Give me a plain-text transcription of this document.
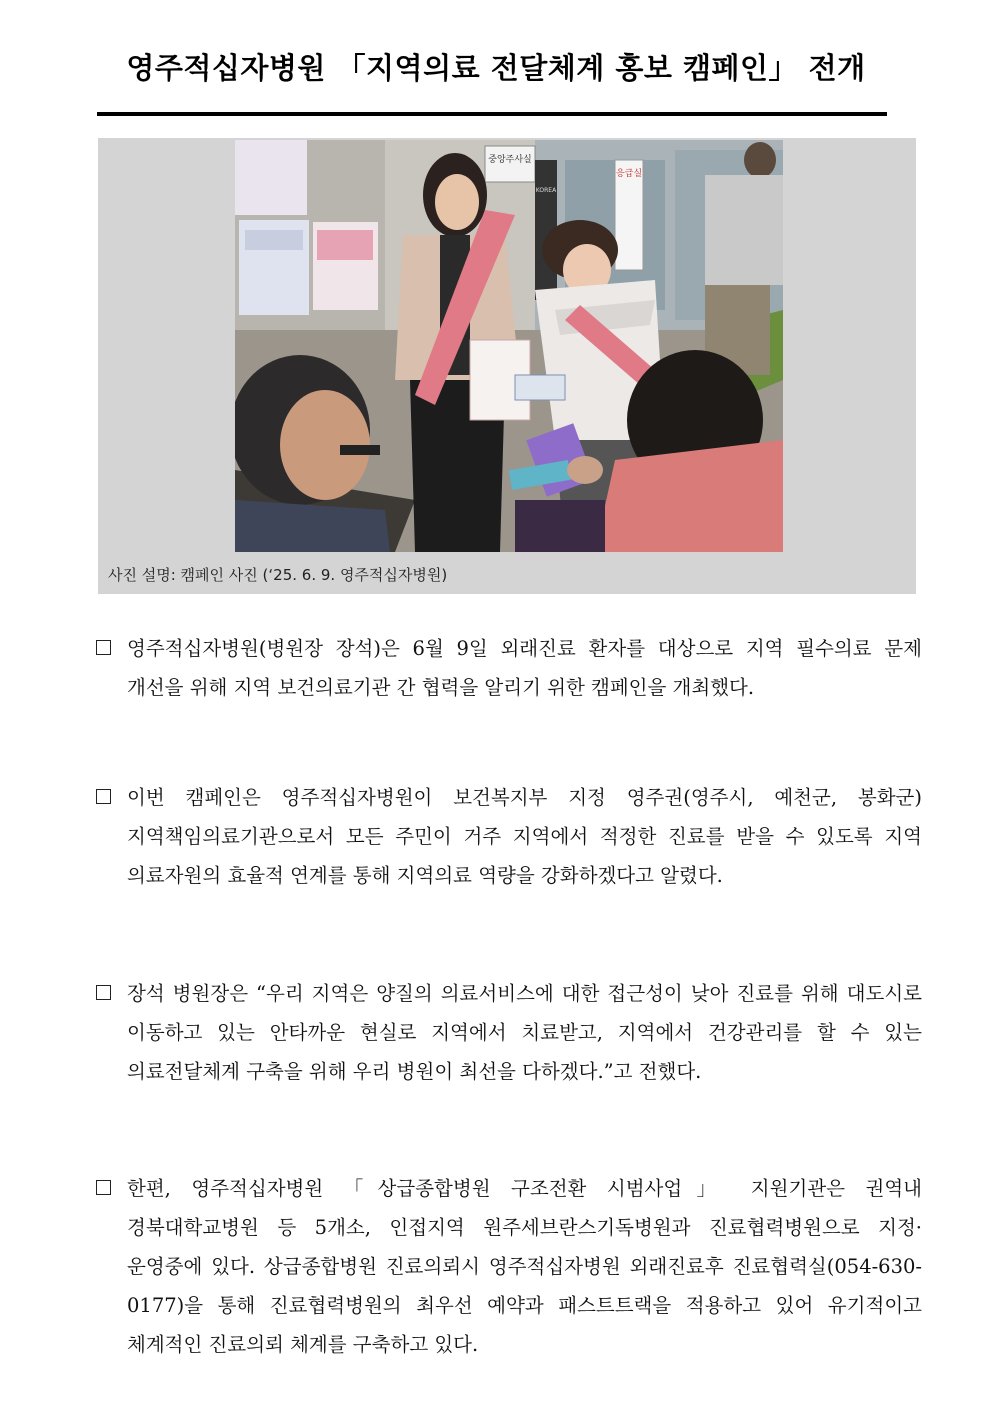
영주적십자병원 「지역의료 전달체계 홍보 캠페인」 전개
중앙주사실
응급실
KOREA
사진 설명: 캠페인 사진 (‘25. 6. 9. 영주적십자병원)
영주적십자병원(병원장 장석)은 6월 9일 외래진료 환자를 대상으로 지역 필수의료 문제 개선을 위해 지역 보건의료기관 간 협력을 알리기 위한 캠페인을 개최했다.
이번 캠페인은 영주적십자병원이 보건복지부 지정 영주권(영주시, 예천군, 봉화군) 지역책임의료기관으로서 모든 주민이 거주 지역에서 적정한 진료를 받을 수 있도록 지역 의료자원의 효율적 연계를 통해 지역의료 역량을 강화하겠다고 알렸다.
장석 병원장은 “우리 지역은 양질의 의료서비스에 대한 접근성이 낮아 진료를 위해 대도시로 이동하고 있는 안타까운 현실로 지역에서 치료받고, 지역에서 건강관리를 할 수 있는 의료전달체계 구축을 위해 우리 병원이 최선을 다하겠다.”고 전했다.
한편, 영주적십자병원 「상급종합병원 구조전환 시범사업」 지원기관은 권역내 경북대학교병원 등 5개소, 인접지역 원주세브란스기독병원과 진료협력병원으로 지정·운영중에 있다. 상급종합병원 진료의뢰시 영주적십자병원 외래진료후 진료협력실(054-630-0177)을 통해 진료협력병원의 최우선 예약과 패스트트랙을 적용하고 있어 유기적이고 체계적인 진료의뢰 체계를 구축하고 있다.
